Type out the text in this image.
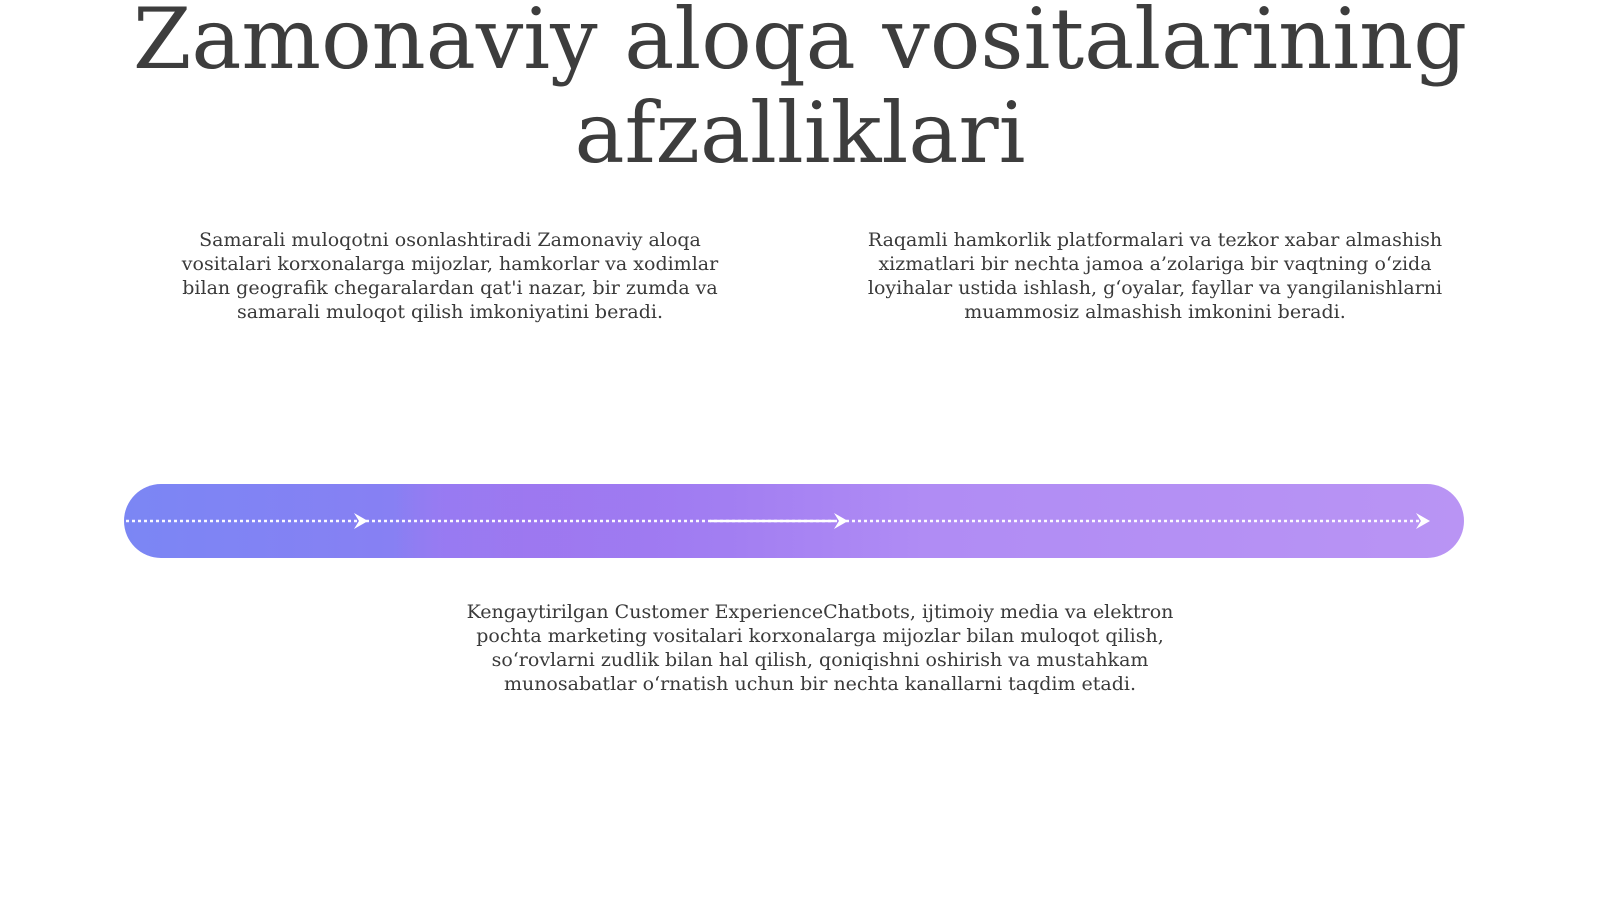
Zamonaviy aloqa vositalarining afzalliklari

Samarali muloqotni osonlashtiradi Zamonaviy aloqa vositalari korxonalarga mijozlar, hamkorlar va xodimlar bilan geografik chegaralardan qat'i nazar, bir zumda va samarali muloqot qilish imkoniyatini beradi.

Raqamli hamkorlik platformalari va tezkor xabar almashish xizmatlari bir nechta jamoa a’zolariga bir vaqtning o‘zida loyihalar ustida ishlash, g‘oyalar, fayllar va yangilanishlarni muammosiz almashish imkonini beradi.

Kengaytirilgan Customer ExperienceChatbots, ijtimoiy media va elektron pochta marketing vositalari korxonalarga mijozlar bilan muloqot qilish, so‘rovlarni zudlik bilan hal qilish, qoniqishni oshirish va mustahkam munosabatlar o‘rnatish uchun bir nechta kanallarni taqdim etadi.
